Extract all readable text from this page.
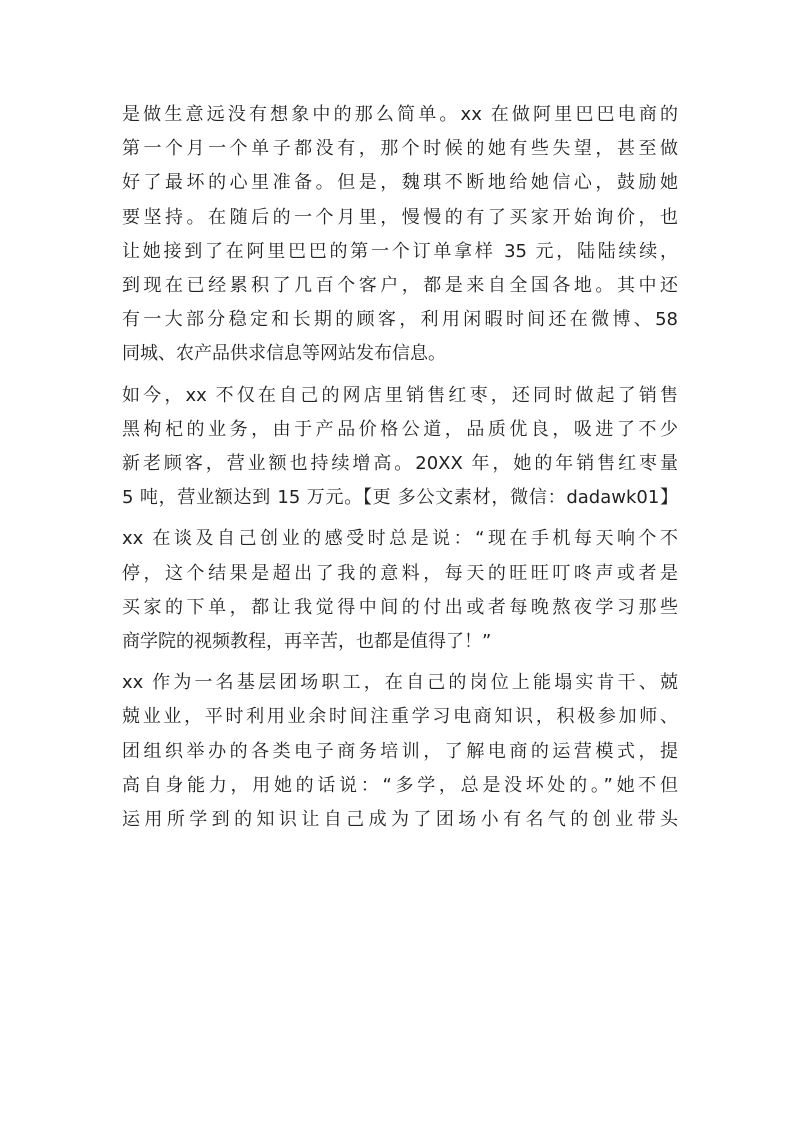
是做生意远没有想象中的那么简单。xx 在做阿里巴巴电商的
第一个月一个单子都没有，那个时候的她有些失望，甚至做
好了最坏的心里准备。但是，魏琪不断地给她信心，鼓励她
要坚持。在随后的一个月里，慢慢的有了买家开始询价，也
让她接到了在阿里巴巴的第一个订单拿样 35 元，陆陆续续，
到现在已经累积了几百个客户，都是来自全国各地。其中还
有一大部分稳定和长期的顾客，利用闲暇时间还在微博、58
同城、农产品供求信息等网站发布信息。
如今，xx 不仅在自己的网店里销售红枣，还同时做起了销售
黑枸杞的业务，由于产品价格公道，品质优良，吸进了不少
新老顾客，营业额也持续增高。20XX 年，她的年销售红枣量
5 吨，营业额达到 15 万元。【更 多公文素材，微信：dadawk01】
xx 在谈及自己创业的感受时总是说：“现在手机每天响个不
停，这个结果是超出了我的意料，每天的旺旺叮咚声或者是
买家的下单，都让我觉得中间的付出或者每晚熬夜学习那些
商学院的视频教程，再辛苦，也都是值得了！”
xx 作为一名基层团场职工，在自己的岗位上能塌实肯干、兢
兢业业，平时利用业余时间注重学习电商知识，积极参加师、
团组织举办的各类电子商务培训，了解电商的运营模式，提
高自身能力，用她的话说：“多学，总是没坏处的。”她不但
运用所学到的知识让自己成为了团场小有名气的创业带头
